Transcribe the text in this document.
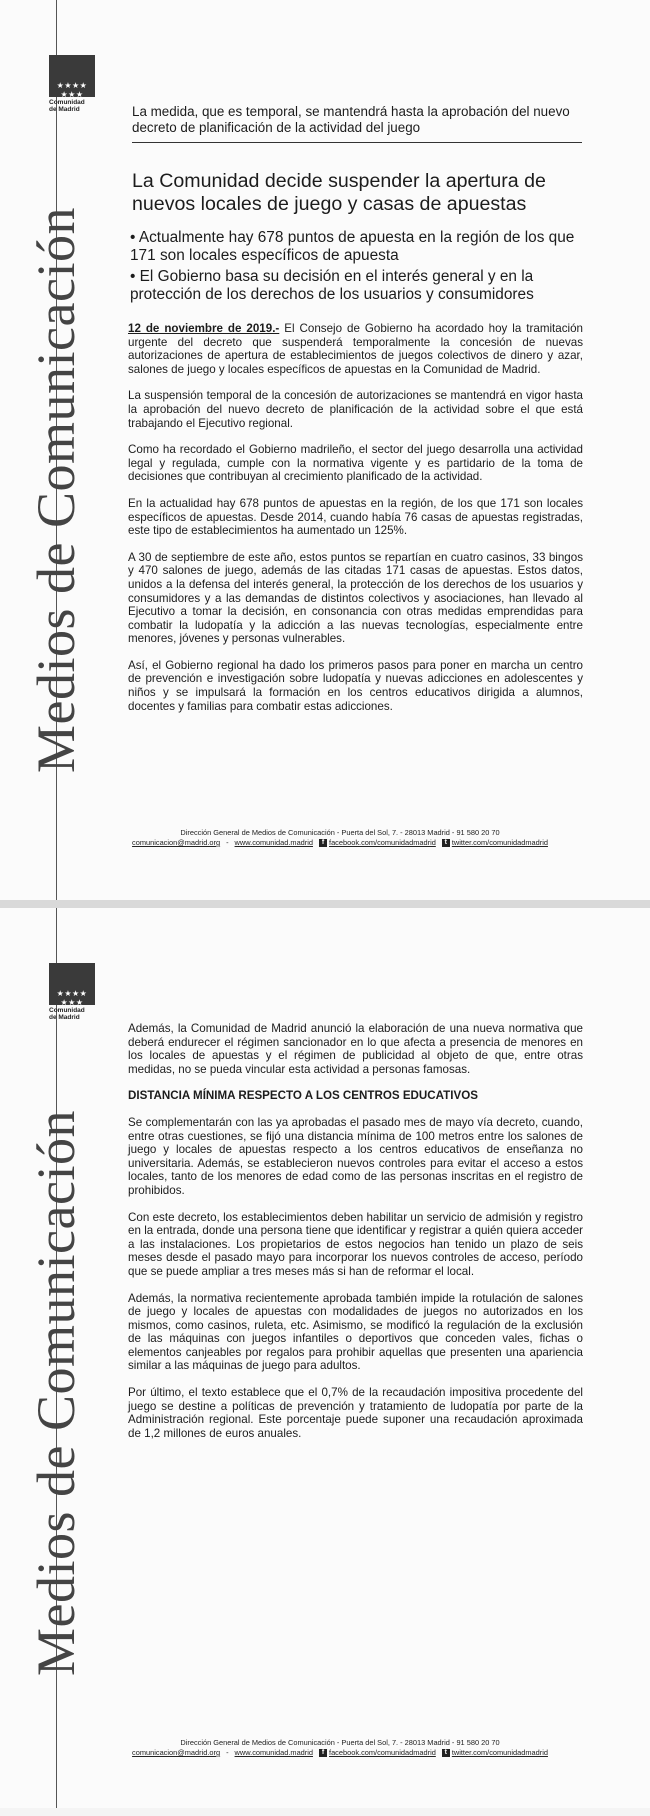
Medios de Comunicación
★★★★ ★★★
Comunidad
de Madrid	La medida, que es temporal, se mantendrá hasta la aprobación del nuevo decreto de planificación de la actividad del juego
La Comunidad decide suspender la apertura de nuevos locales de juego y casas de apuestas
• Actualmente hay 678 puntos de apuesta en la región de los que 171 son locales específicos de apuesta
• El Gobierno basa su decisión en el interés general y en la protección de los derechos de los usuarios y consumidores

12 de noviembre de 2019.- El Consejo de Gobierno ha acordado hoy la tramitación urgente del decreto que suspenderá temporalmente la concesión de nuevas autorizaciones de apertura de establecimientos de juegos colectivos de dinero y azar, salones de juego y locales específicos de apuestas en la Comunidad de Madrid.

La suspensión temporal de la concesión de autorizaciones se mantendrá en vigor hasta la aprobación del nuevo decreto de planificación de la actividad sobre el que está trabajando el Ejecutivo regional.

Como ha recordado el Gobierno madrileño, el sector del juego desarrolla una actividad legal y regulada, cumple con la normativa vigente y es partidario de la toma de decisiones que contribuyan al crecimiento planificado de la actividad.

En la actualidad hay 678 puntos de apuestas en la región, de los que 171 son locales específicos de apuestas. Desde 2014, cuando había 76 casas de apuestas registradas, este tipo de establecimientos ha aumentado un 125%.

A 30 de septiembre de este año, estos puntos se repartían en cuatro casinos, 33 bingos y 470 salones de juego, además de las citadas 171 casas de apuestas. Estos datos, unidos a la defensa del interés general, la protección de los derechos de los usuarios y consumidores y a las demandas de distintos colectivos y asociaciones, han llevado al Ejecutivo a tomar la decisión, en consonancia con otras medidas emprendidas para combatir la ludopatía y la adicción a las nuevas tecnologías, especialmente entre menores, jóvenes y personas vulnerables.

Así, el Gobierno regional ha dado los primeros pasos para poner en marcha un centro de prevención e investigación sobre ludopatía y nuevas adicciones en adolescentes y niños y se impulsará la formación en los centros educativos dirigida a alumnos, docentes y familias para combatir estas adicciones.

Dirección General de Medios de Comunicación - Puerta del Sol, 7. - 28013 Madrid - 91 580 20 70
comunicacion@madrid.org - www.comunidad.madrid	f facebook.com/comunidadmadrid	t twitter.com/comunidadmadrid
Medios de Comunicación
★★★★ ★★★
Comunidad
de Madrid

Además, la Comunidad de Madrid anunció la elaboración de una nueva normativa que deberá endurecer el régimen sancionador en lo que afecta a presencia de menores en los locales de apuestas y el régimen de publicidad al objeto de que, entre otras medidas, no se pueda vincular esta actividad a personas famosas.

DISTANCIA MÍNIMA RESPECTO A LOS CENTROS EDUCATIVOS

Se complementarán con las ya aprobadas el pasado mes de mayo vía decreto, cuando, entre otras cuestiones, se fijó una distancia mínima de 100 metros entre los salones de juego y locales de apuestas respecto a los centros educativos de enseñanza no universitaria. Además, se establecieron nuevos controles para evitar el acceso a estos locales, tanto de los menores de edad como de las personas inscritas en el registro de prohibidos.

Con este decreto, los establecimientos deben habilitar un servicio de admisión y registro en la entrada, donde una persona tiene que identificar y registrar a quién quiera acceder a las instalaciones. Los propietarios de estos negocios han tenido un plazo de seis meses desde el pasado mayo para incorporar los nuevos controles de acceso, período que se puede ampliar a tres meses más si han de reformar el local.

Además, la normativa recientemente aprobada también impide la rotulación de salones de juego y locales de apuestas con modalidades de juegos no autorizados en los mismos, como casinos, ruleta, etc. Asimismo, se modificó la regulación de la exclusión de las máquinas con juegos infantiles o deportivos que conceden vales, fichas o elementos canjeables por regalos para prohibir aquellas que presenten una apariencia similar a las máquinas de juego para adultos.

Por último, el texto establece que el 0,7% de la recaudación impositiva procedente del juego se destine a políticas de prevención y tratamiento de ludopatía por parte de la Administración regional. Este porcentaje puede suponer una recaudación aproximada de 1,2 millones de euros anuales.

Dirección General de Medios de Comunicación - Puerta del Sol, 7. - 28013 Madrid - 91 580 20 70
comunicacion@madrid.org - www.comunidad.madrid	f facebook.com/comunidadmadrid	t twitter.com/comunidadmadrid
